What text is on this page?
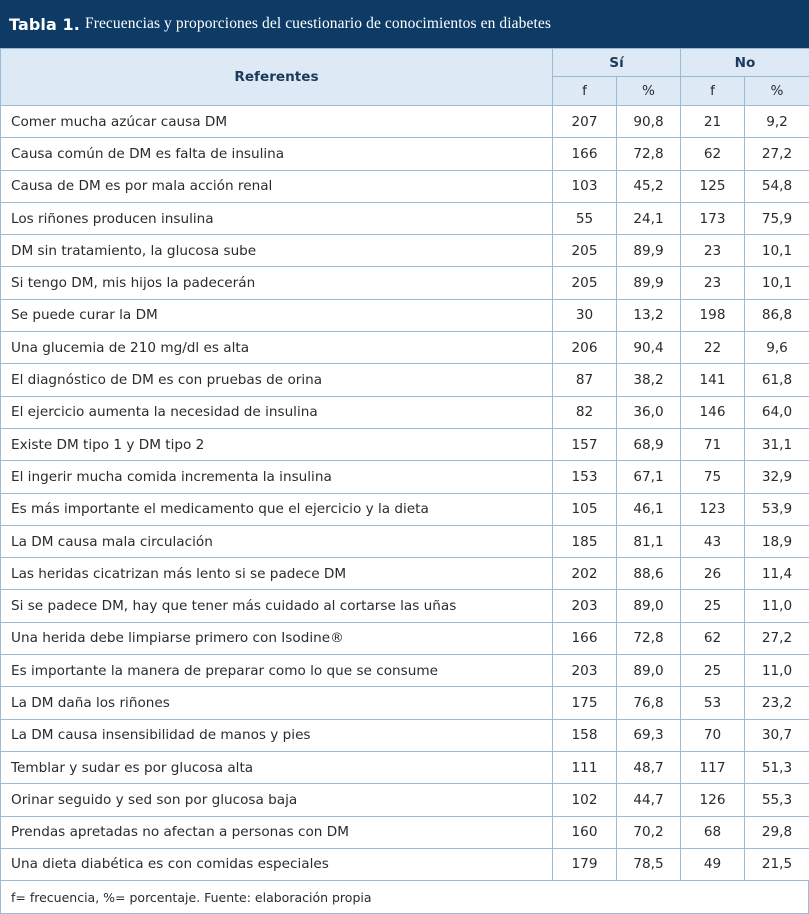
Tabla 1. Frecuencias y proporciones del cuestionario de conocimientos en diabetes
Referentes	Sí		No	
	f	%	f	%
Comer mucha azúcar causa DM	207	90,8	21	9,2
Causa común de DM es falta de insulina	166	72,8	62	27,2
Causa de DM es por mala acción renal	103	45,2	125	54,8
Los riñones producen insulina	55	24,1	173	75,9
DM sin tratamiento, la glucosa sube	205	89,9	23	10,1
Si tengo DM, mis hijos la padecerán	205	89,9	23	10,1
Se puede curar la DM	30	13,2	198	86,8
Una glucemia de 210 mg/dl es alta	206	90,4	22	9,6
El diagnóstico de DM es con pruebas de orina	87	38,2	141	61,8
El ejercicio aumenta la necesidad de insulina	82	36,0	146	64,0
Existe DM tipo 1 y DM tipo 2	157	68,9	71	31,1
El ingerir mucha comida incrementa la insulina	153	67,1	75	32,9
Es más importante el medicamento que el ejercicio y la dieta	105	46,1	123	53,9
La DM causa mala circulación	185	81,1	43	18,9
Las heridas cicatrizan más lento si se padece DM	202	88,6	26	11,4
Si se padece DM, hay que tener más cuidado al cortarse las uñas	203	89,0	25	11,0
Una herida debe limpiarse primero con Isodine®	166	72,8	62	27,2
Es importante la manera de preparar como lo que se consume	203	89,0	25	11,0
La DM daña los riñones	175	76,8	53	23,2
La DM causa insensibilidad de manos y pies	158	69,3	70	30,7
Temblar y sudar es por glucosa alta	111	48,7	117	51,3
Orinar seguido y sed son por glucosa baja	102	44,7	126	55,3
Prendas apretadas no afectan a personas con DM	160	70,2	68	29,8
Una dieta diabética es con comidas especiales	179	78,5	49	21,5
f= frecuencia, %= porcentaje. Fuente: elaboración propia
